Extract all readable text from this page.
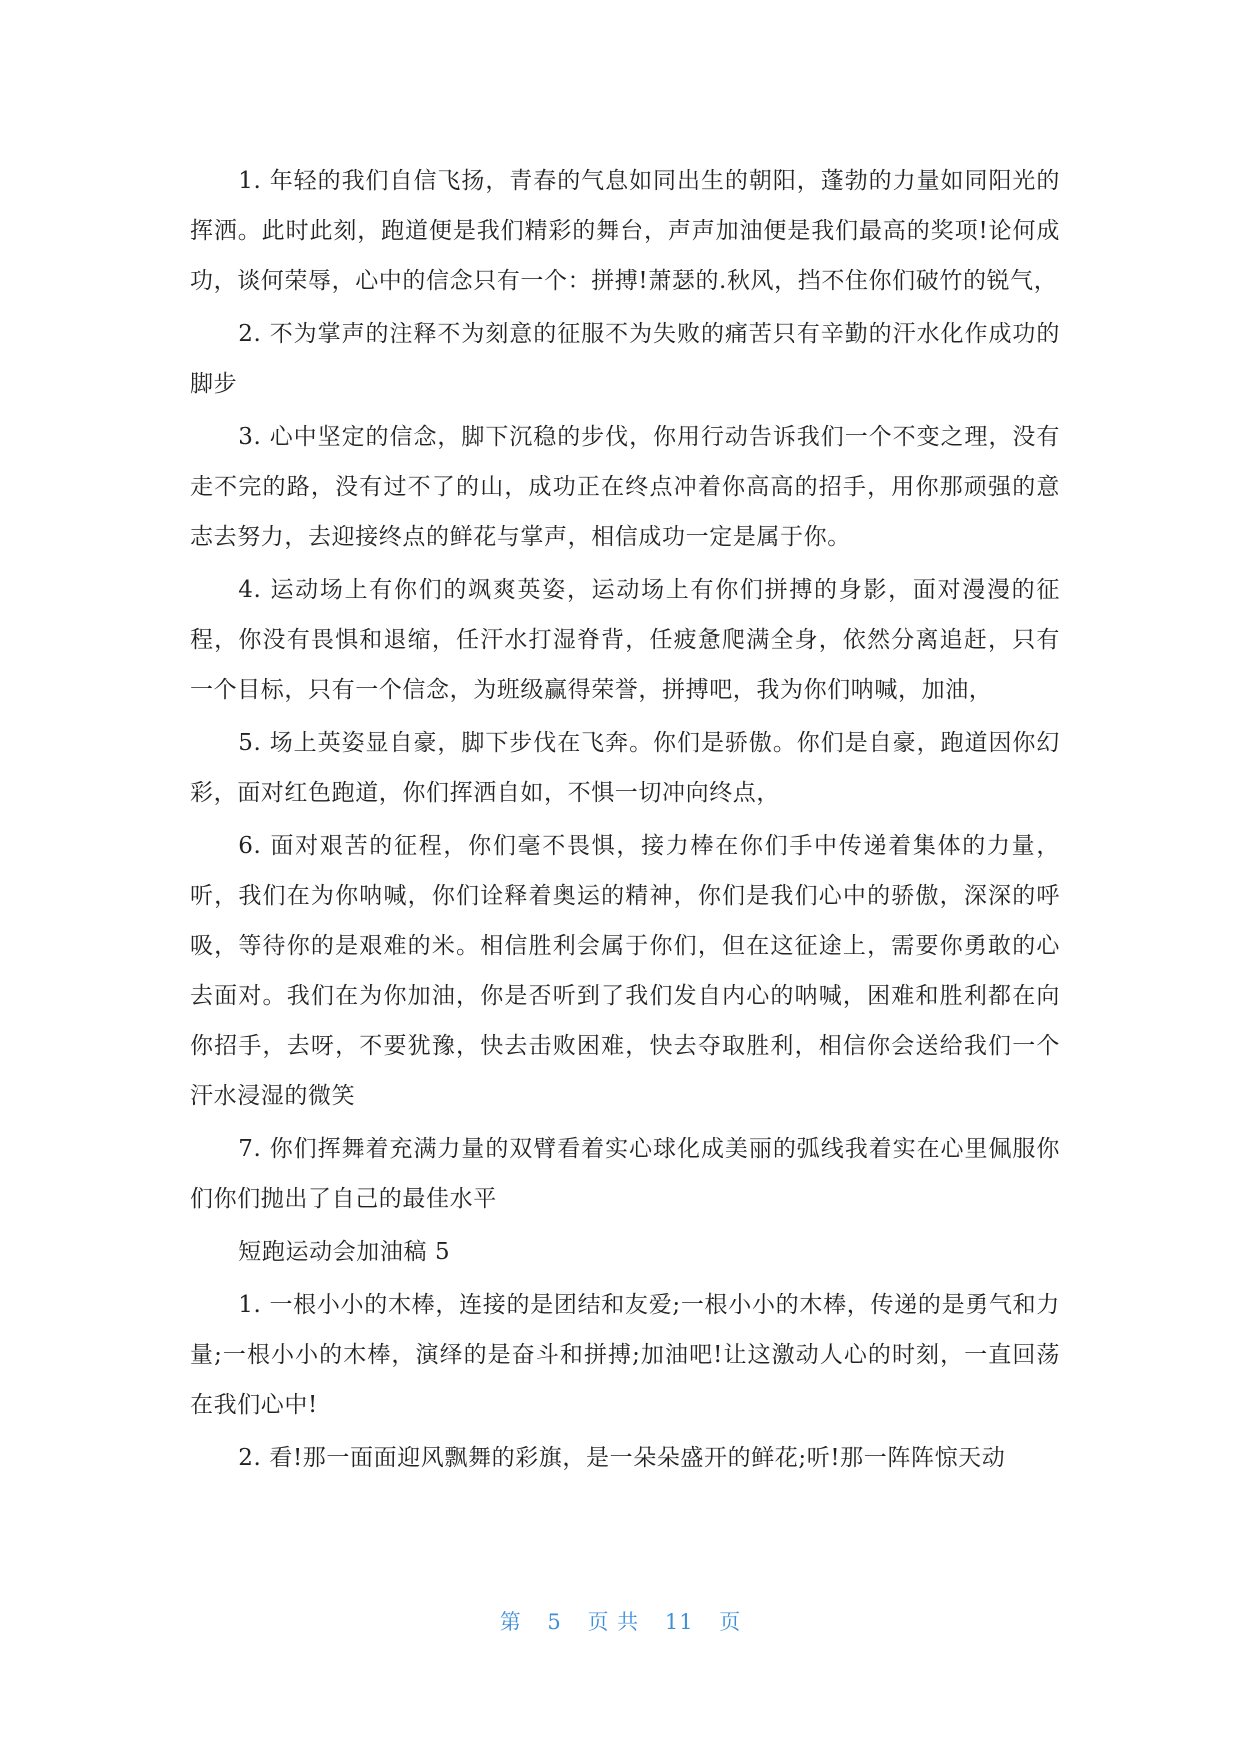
1. 年轻的我们自信飞扬，青春的气息如同出生的朝阳，蓬勃的力量如同阳光的挥洒。此时此刻，跑道便是我们精彩的舞台，声声加油便是我们最高的奖项!论何成功，谈何荣辱，心中的信念只有一个：拼搏!萧瑟的.秋风，挡不住你们破竹的锐气，

2. 不为掌声的注释不为刻意的征服不为失败的痛苦只有辛勤的汗水化作成功的脚步

3. 心中坚定的信念，脚下沉稳的步伐，你用行动告诉我们一个不变之理，没有走不完的路，没有过不了的山，成功正在终点冲着你高高的招手，用你那顽强的意志去努力，去迎接终点的鲜花与掌声，相信成功一定是属于你。

4. 运动场上有你们的飒爽英姿，运动场上有你们拼搏的身影，面对漫漫的征程，你没有畏惧和退缩，任汗水打湿脊背，任疲惫爬满全身，依然分离追赶，只有一个目标，只有一个信念，为班级赢得荣誉，拼搏吧，我为你们呐喊，加油，

5. 场上英姿显自豪，脚下步伐在飞奔。你们是骄傲。你们是自豪，跑道因你幻彩，面对红色跑道，你们挥洒自如，不惧一切冲向终点，

6. 面对艰苦的征程，你们毫不畏惧，接力棒在你们手中传递着集体的力量，听，我们在为你呐喊，你们诠释着奥运的精神，你们是我们心中的骄傲，深深的呼吸，等待你的是艰难的米。相信胜利会属于你们，但在这征途上，需要你勇敢的心去面对。我们在为你加油，你是否听到了我们发自内心的呐喊，困难和胜利都在向你招手，去呀，不要犹豫，快去击败困难，快去夺取胜利，相信你会送给我们一个汗水浸湿的微笑

7. 你们挥舞着充满力量的双臂看着实心球化成美丽的弧线我着实在心里佩服你们你们抛出了自己的最佳水平

短跑运动会加油稿 5

1. 一根小小的木棒，连接的是团结和友爱;一根小小的木棒，传递的是勇气和力量;一根小小的木棒，演绎的是奋斗和拼搏;加油吧!让这激动人心的时刻，一直回荡在我们心中!

2. 看!那一面面迎风飘舞的彩旗，是一朵朵盛开的鲜花;听!那一阵阵惊天动

第 5 页 共 11 页
